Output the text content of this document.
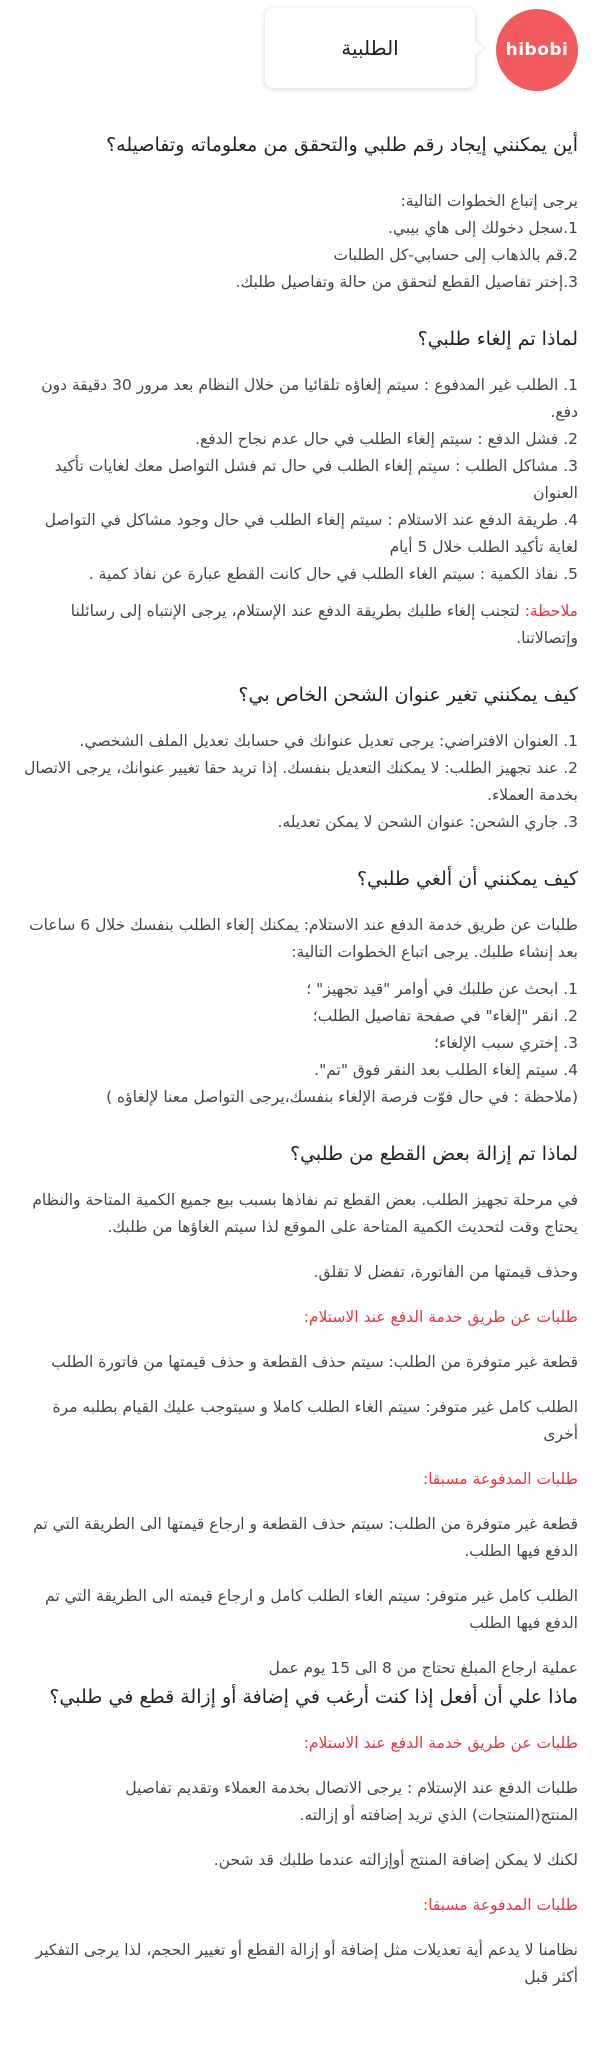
الطلبية	hibobi
أين يمكنني إيجاد رقم طلبي والتحقق من معلوماته وتفاصيله؟

يرجى إتباع الخطوات التالية:

1.سجل دخولك إلى هاي بيبي.

2.قم بالذهاب إلى حسابي-كل الطلبات

3.إختر تفاصيل القطع لتحقق من حالة وتفاصيل طلبك.

لماذا تم إلغاء طلبي؟

1. الطلب غير المدفوع : سيتم إلغاؤه تلقائيا من خلال النظام بعد مرور 30 دقيقة دون دفع.

2. فشل الدفع : سيتم إلغاء الطلب في حال عدم نجاح الدفع.

3. مشاكل الطلب : سيتم إلغاء الطلب في حال تم فشل التواصل معك لغايات تأكيد العنوان

4. طريقة الدفع عند الاستلام : سيتم إلغاء الطلب في حال وجود مشاكل في التواصل لغاية تأكيد الطلب خلال 5 أيام

5. نفاذ الكمية : سيتم الغاء الطلب في حال كانت القطع عبارة عن نفاذ كمية .

ملاحظة: لتجنب إلغاء طلبك بطريقة الدفع عند الإستلام، يرجى الإنتباه إلى رسائلنا وإتصالاتنا.

كيف يمكنني تغير عنوان الشحن الخاص بي؟

1. العنوان الافتراضي: يرجى تعديل عنوانك في حسابك تعديل الملف الشخصي.

2. عند تجهيز الطلب: لا يمكنك التعديل بنفسك. إذا تريد حقا تغيير عنوانك، يرجى الاتصال بخدمة العملاء.

3. جاري الشحن: عنوان الشحن لا يمكن تعديله.

كيف يمكنني أن ألغي طلبي؟

طلبات عن طريق خدمة الدفع عند الاستلام: يمكنك إلغاء الطلب بنفسك خلال 6 ساعات بعد إنشاء طلبك. يرجى اتباع الخطوات التالية:

1. ابحث عن طلبك في أوامر "قيد تجهيز" ؛

2. انقر "إلغاء" في صفحة تفاصيل الطلب؛

3. إختري سبب الإلغاء؛

4. سيتم إلغاء الطلب بعد النقر فوق "تم".

(ملاحظة : في حال فوّت فرصة الإلغاء بنفسك،يرجى التواصل معنا لإلغاؤه )

لماذا تم إزالة بعض القطع من طلبي؟

في مرحلة تجهيز الطلب. بعض القطع تم نفاذها بسبب بيع جميع الكمية المتاحة والنظام يحتاج وقت لتحديث الكمية المتاحة على الموقع لذا سيتم الغاؤها من طلبك.

وحذف قيمتها من الفاتورة، تفضل لا تقلق.

طلبات عن طريق خدمة الدفع عند الاستلام:

قطعة غير متوفرة من الطلب: سيتم حذف القطعة و حذف قيمتها من فاتورة الطلب

الطلب كامل غير متوفر: سيتم الغاء الطلب كاملا و سيتوجب عليك القيام بطلبه مرة أخرى

طلبات المدفوعة مسبقا:

قطعة غير متوفرة من الطلب: سيتم حذف القطعة و ارجاع قيمتها الى الطريقة التي تم الدفع فيها الطلب.

الطلب كامل غير متوفر: سيتم الغاء الطلب كامل و ارجاع قيمته الى الطريقة التي تم الدفع فيها الطلب

عملية ارجاع المبلغ تحتاج من 8 الى 15 يوم عمل

ماذا علي أن أفعل إذا كنت أرغب في إضافة أو إزالة قطع في طلبي؟

طلبات عن طريق خدمة الدفع عند الاستلام:

طلبات الدفع عند الإستلام : يرجى الاتصال بخدمة العملاء وتقديم تفاصيل المنتج(المنتجات) الذي تريد إضافته أو إزالته.

لكنك لا يمكن إضافة المنتج أوإزالته عندما طلبك قد شحن.

طلبات المدفوعة مسبقا:

نظامنا لا يدعم أية تعديلات مثل إضافة أو إزالة القطع أو تغيير الحجم، لذا يرجى التفكير أكثر قبل
